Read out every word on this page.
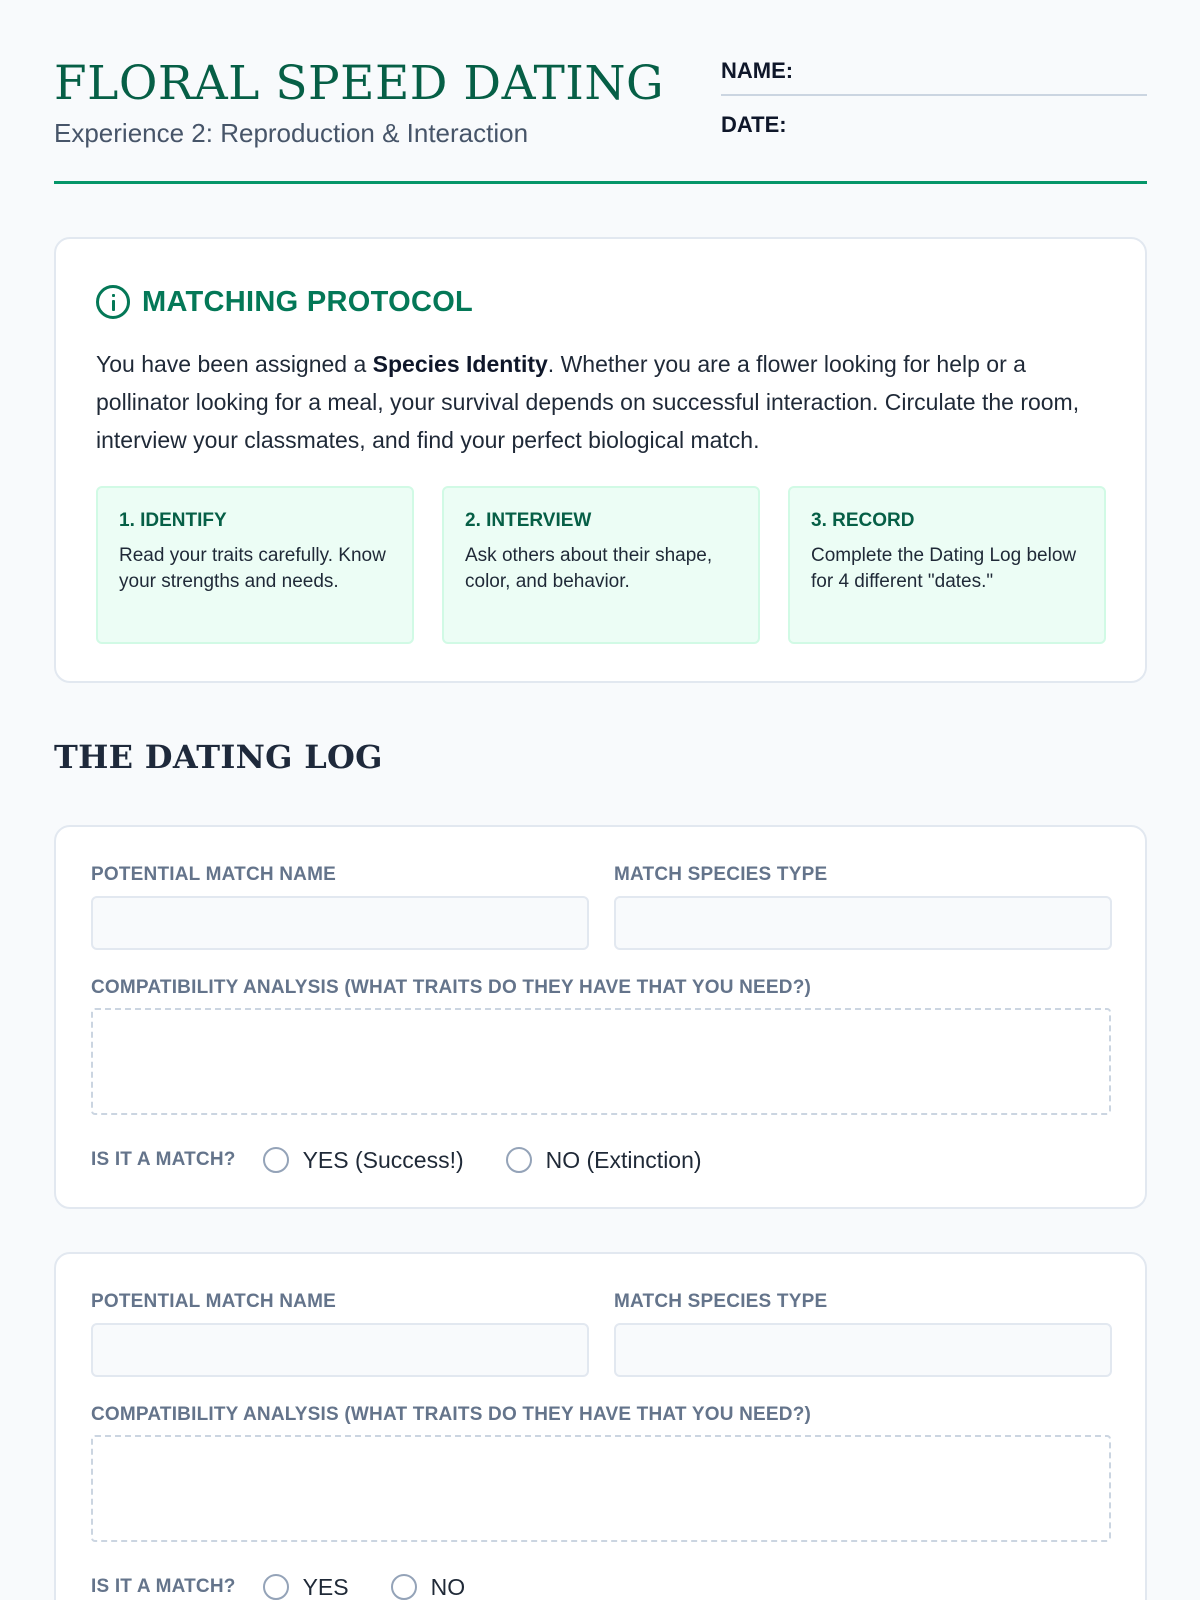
FLORAL SPEED DATING
Experience 2: Reproduction & Interaction
NAME:
DATE:
MATCHING PROTOCOL

You have been assigned a Species Identity. Whether you are a flower looking for help or a pollinator looking for a meal, your survival depends on successful interaction. Circulate the room, interview your classmates, and find your perfect biological match.

1. IDENTIFY
Read your traits carefully. Know your strengths and needs.
2. INTERVIEW
Ask others about their shape, color, and behavior.
3. RECORD
Complete the Dating Log below for 4 different "dates."
THE DATING LOG
POTENTIAL MATCH NAME	MATCH SPECIES TYPE
COMPATIBILITY ANALYSIS (WHAT TRAITS DO THEY HAVE THAT YOU NEED?)
IS IT A MATCH?	YES (Success!)	NO (Extinction)
POTENTIAL MATCH NAME	MATCH SPECIES TYPE
COMPATIBILITY ANALYSIS (WHAT TRAITS DO THEY HAVE THAT YOU NEED?)
IS IT A MATCH?	YES	NO
